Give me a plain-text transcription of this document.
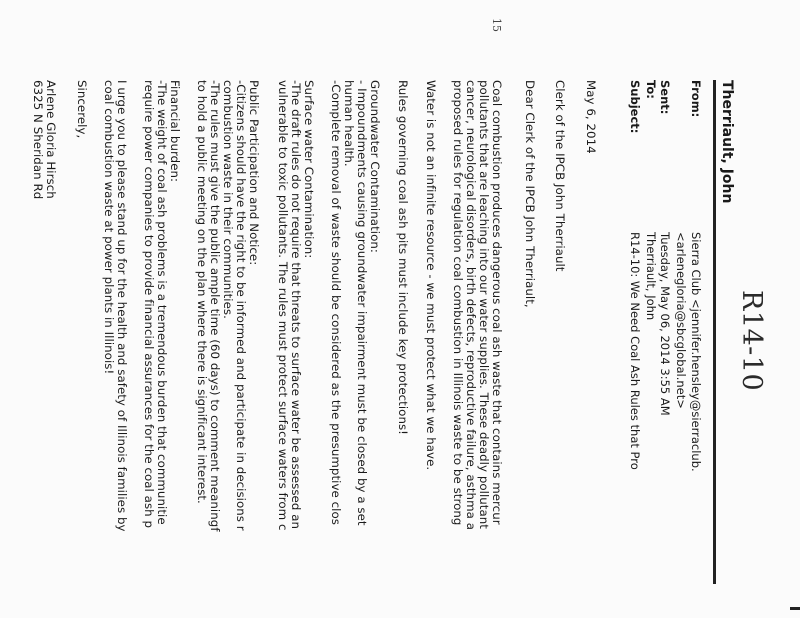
15
R14-10
Therriault, John
From:
Sent:
To:
Subject:
Sierra Club <jennifer.hensley@sierraclub.
<arlenegloria@sbcglobal.net>
Tuesday, May 06, 2014 3:55 AM
Therriault, John
R14-10: We Need Coal Ash Rules that Pro
May 6, 2014
Clerk of the IPCB John Therriault
Dear Clerk of the IPCB John Therriault,
Coal combustion produces dangerous coal ash waste that contains mercur
pollutants that are leaching into our water supplies. These deadly pollutant
cancer, neurological disorders, birth defects, reproductive failure, asthma a
proposed rules for regulation coal combustion in Illinois waste to be strong
Water is not an infinite resource - we must protect what we have.
Rules governing coal ash pits must include key protections!
Groundwater Contamination:
- Impoundments causing groundwater impairment must be closed by a set
human health.
-Complete removal of waste should be considered as the presumptive clos
Surface water Contamination:
-The draft rules do not require that threats to surface water be assessed an
vulnerable to toxic pollutants. The rules must protect surface waters from c
Public Participation and Notice:
-Citizens should have the right to be informed and participate in decisions r
combustion waste in their communities.
-The rules must give the public ample time (60 days) to comment meaningf
to hold a public meeting on the plan where there is significant interest.
Financial burden:
-The weight of coal ash problems is a tremendous burden that communitie
require power companies to provide financial assurances for the coal ash p
I urge you to please stand up for the health and safety of Illinois families by
coal combustion waste at power plants in Illinois!
Sincerely,
Arlene Gloria Hirsch
6325 N Sheridan Rd
